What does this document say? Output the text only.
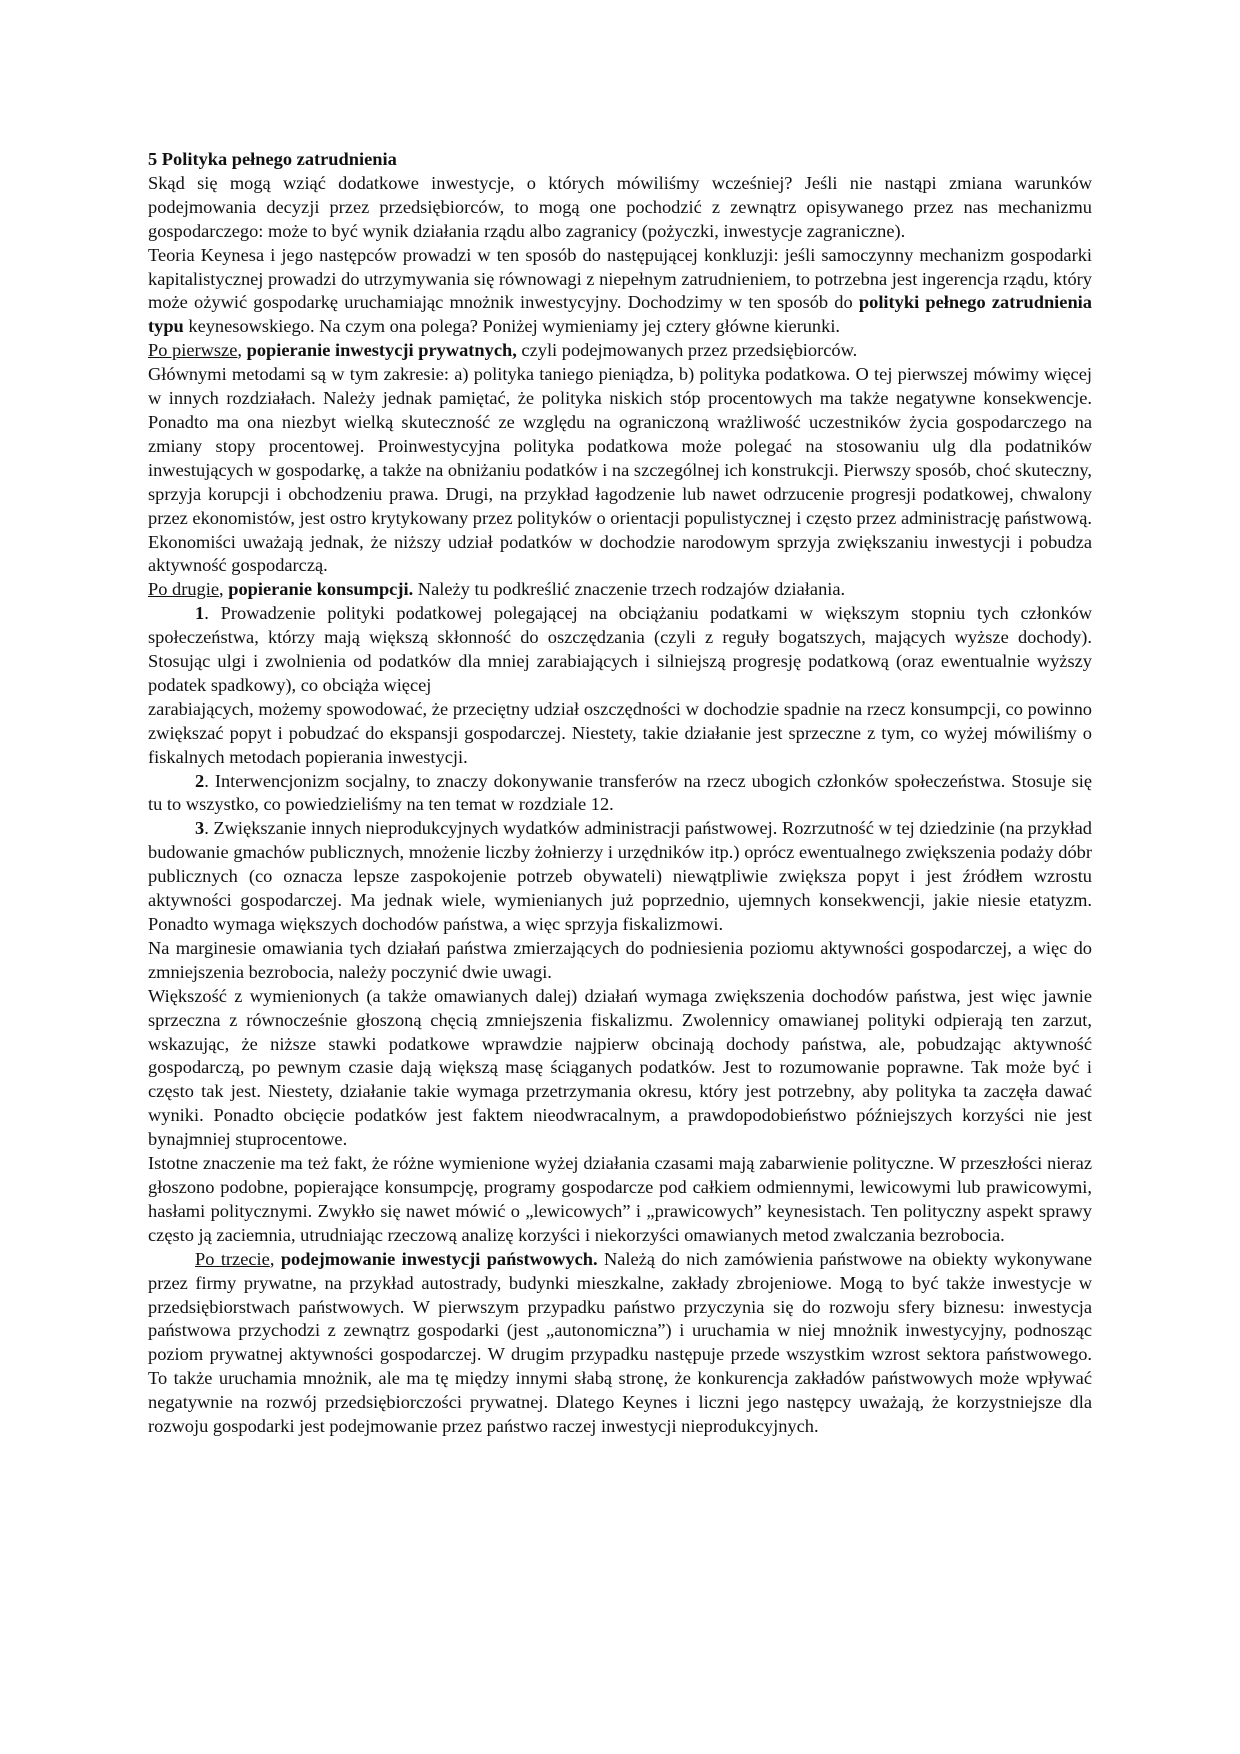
5 Polityka pełnego zatrudnienia

Skąd się mogą wziąć dodatkowe inwestycje, o których mówiliśmy wcześniej? Jeśli nie nastąpi zmiana warunków podejmowania decyzji przez przedsiębiorców, to mogą one pochodzić z zewnątrz opisywanego przez nas mechanizmu gospodarczego: może to być wynik działania rządu albo zagranicy (pożyczki, inwestycje zagraniczne).

Teoria Keynesa i jego następców prowadzi w ten sposób do następującej konkluzji: jeśli samoczynny mechanizm gospodarki kapitalistycznej prowadzi do utrzymywania się równowagi z niepełnym zatrudnieniem, to potrzebna jest ingerencja rządu, który może ożywić gospodarkę uruchamiając mnożnik inwestycyjny. Dochodzimy w ten sposób do polityki pełnego zatrudnienia typu keynesowskiego. Na czym ona polega? Poniżej wymieniamy jej cztery główne kierunki.

Po pierwsze, popieranie inwestycji prywatnych, czyli podejmowanych przez przedsiębiorców.

Głównymi metodami są w tym zakresie: a) polityka taniego pieniądza, b) polityka podatkowa. O tej pierwszej mówimy więcej w innych rozdziałach. Należy jednak pamiętać, że polityka niskich stóp procentowych ma także negatywne konsekwencje. Ponadto ma ona niezbyt wielką skuteczność ze względu na ograniczoną wrażliwość uczestników życia gospodarczego na zmiany stopy procentowej. Proinwestycyjna polityka podatkowa może polegać na stosowaniu ulg dla podatników inwestujących w gospodarkę, a także na obniżaniu podatków i na szczególnej ich konstrukcji. Pierwszy sposób, choć skuteczny, sprzyja korupcji i obchodzeniu prawa. Drugi, na przykład łagodzenie lub nawet odrzucenie progresji podatkowej, chwalony przez ekonomistów, jest ostro krytykowany przez polityków o orientacji populistycznej i często przez administrację państwową. Ekonomiści uważają jednak, że niższy udział podatków w dochodzie narodowym sprzyja zwiększaniu inwestycji i pobudza aktywność gospodarczą.

Po drugie, popieranie konsumpcji. Należy tu podkreślić znaczenie trzech rodzajów działania.

1. Prowadzenie polityki podatkowej polegającej na obciążaniu podatkami w większym stopniu tych członków społeczeństwa, którzy mają większą skłonność do oszczędzania (czyli z reguły bogatszych, mających wyższe dochody). Stosując ulgi i zwolnienia od podatków dla mniej zarabiających i silniejszą progresję podatkową (oraz ewentualnie wyższy podatek spadkowy), co obciąża więcej

zarabiających, możemy spowodować, że przeciętny udział oszczędności w dochodzie spadnie na rzecz konsumpcji, co powinno zwiększać popyt i pobudzać do ekspansji gospodarczej. Niestety, takie działanie jest sprzeczne z tym, co wyżej mówiliśmy o fiskalnych metodach popierania inwestycji.

2. Interwencjonizm socjalny, to znaczy dokonywanie transferów na rzecz ubogich członków społeczeństwa. Stosuje się tu to wszystko, co powiedzieliśmy na ten temat w rozdziale 12.

3. Zwiększanie innych nieprodukcyjnych wydatków administracji państwowej. Rozrzutność w tej dziedzinie (na przykład budowanie gmachów publicznych, mnożenie liczby żołnierzy i urzędników itp.) oprócz ewentualnego zwiększenia podaży dóbr publicznych (co oznacza lepsze zaspokojenie potrzeb obywateli) niewątpliwie zwiększa popyt i jest źródłem wzrostu aktywności gospodarczej. Ma jednak wiele, wymienianych już poprzednio, ujemnych konsekwencji, jakie niesie etatyzm. Ponadto wymaga większych dochodów państwa, a więc sprzyja fiskalizmowi.

Na marginesie omawiania tych działań państwa zmierzających do podniesienia poziomu aktywności gospodarczej, a więc do zmniejszenia bezrobocia, należy poczynić dwie uwagi.

Większość z wymienionych (a także omawianych dalej) działań wymaga zwiększenia dochodów państwa, jest więc jawnie sprzeczna z równocześnie głoszoną chęcią zmniejszenia fiskalizmu. Zwolennicy omawianej polityki odpierają ten zarzut, wskazując, że niższe stawki podatkowe wprawdzie najpierw obcinają dochody państwa, ale, pobudzając aktywność gospodarczą, po pewnym czasie dają większą masę ściąganych podatków. Jest to rozumowanie poprawne. Tak może być i często tak jest. Niestety, działanie takie wymaga przetrzymania okresu, który jest potrzebny, aby polityka ta zaczęła dawać wyniki. Ponadto obcięcie podatków jest faktem nieodwracalnym, a prawdopodobieństwo późniejszych korzyści nie jest bynajmniej stuprocentowe.

Istotne znaczenie ma też fakt, że różne wymienione wyżej działania czasami mają zabarwienie polityczne. W przeszłości nieraz głoszono podobne, popierające konsumpcję, programy gospodarcze pod całkiem odmiennymi, lewicowymi lub prawicowymi, hasłami politycznymi. Zwykło się nawet mówić o „lewicowych” i „prawicowych” keynesistach. Ten polityczny aspekt sprawy często ją zaciemnia, utrudniając rzeczową analizę korzyści i niekorzyści omawianych metod zwalczania bezrobocia.

Po trzecie, podejmowanie inwestycji państwowych. Należą do nich zamówienia państwowe na obiekty wykonywane przez firmy prywatne, na przykład autostrady, budynki mieszkalne, zakłady zbrojeniowe. Mogą to być także inwestycje w przedsiębiorstwach państwowych. W pierwszym przypadku państwo przyczynia się do rozwoju sfery biznesu: inwestycja państwowa przychodzi z zewnątrz gospodarki (jest „autonomiczna”) i uruchamia w niej mnożnik inwestycyjny, podnosząc poziom prywatnej aktywności gospodarczej. W drugim przypadku następuje przede wszystkim wzrost sektora państwowego. To także uruchamia mnożnik, ale ma tę między innymi słabą stronę, że konkurencja zakładów państwowych może wpływać negatywnie na rozwój przedsiębiorczości prywatnej. Dlatego Keynes i liczni jego następcy uważają, że korzystniejsze dla rozwoju gospodarki jest podejmowanie przez państwo raczej inwestycji nieprodukcyjnych.
